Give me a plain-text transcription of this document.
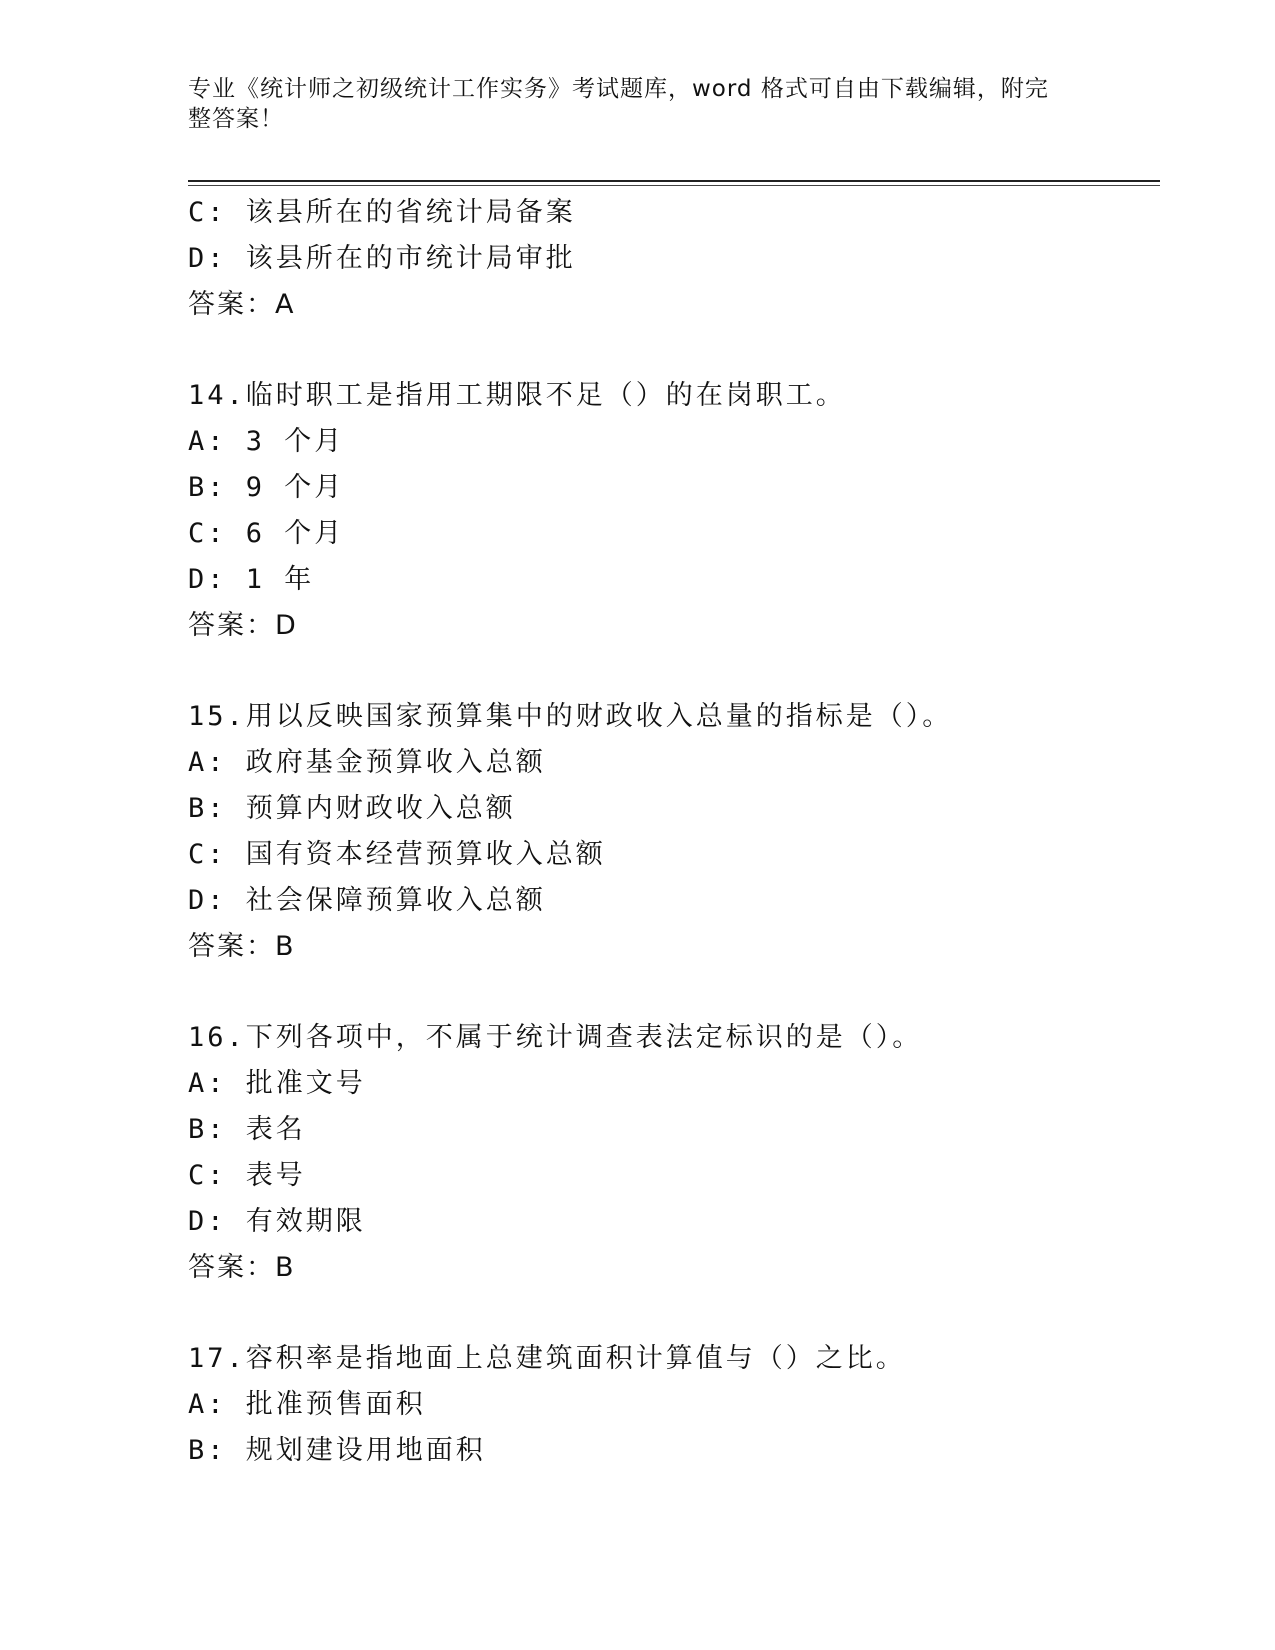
专业《统计师之初级统计工作实务》考试题库，word 格式可自由下载编辑，附完
整答案！
C: 该县所在的省统计局备案
D: 该县所在的市统计局审批
答案：A
14.临时职工是指用工期限不足（）的在岗职工。
A: 3 个月
B: 9 个月
C: 6 个月
D: 1 年
答案：D
15.用以反映国家预算集中的财政收入总量的指标是（）。
A: 政府基金预算收入总额
B: 预算内财政收入总额
C: 国有资本经营预算收入总额
D: 社会保障预算收入总额
答案：B
16.下列各项中，不属于统计调查表法定标识的是（）。
A: 批准文号
B: 表名
C: 表号
D: 有效期限
答案：B
17.容积率是指地面上总建筑面积计算值与（）之比。
A: 批准预售面积
B: 规划建设用地面积
